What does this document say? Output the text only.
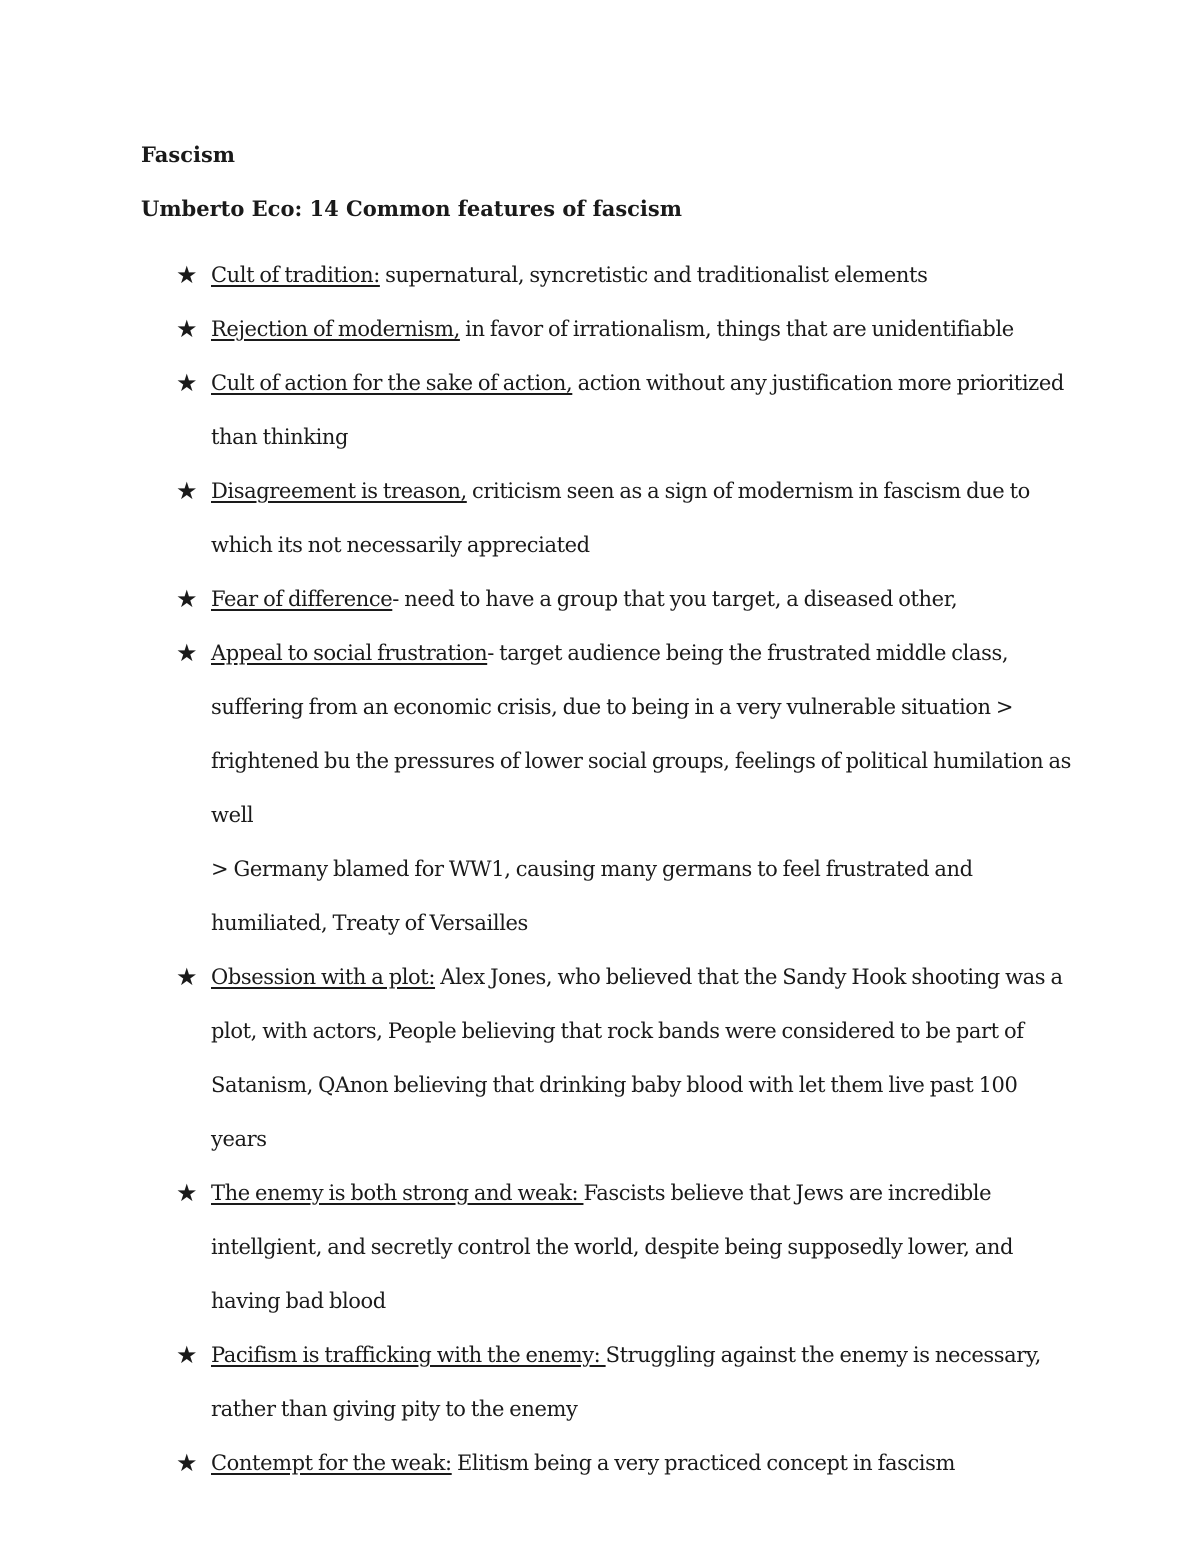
Fascism
Umberto Eco: 14 Common features of fascism
★ Cult of tradition: supernatural, syncretistic and traditionalist elements
★ Rejection of modernism, in favor of irrationalism, things that are unidentifiable
★ Cult of action for the sake of action, action without any justification more prioritized than thinking
★ Disagreement is treason, criticism seen as a sign of modernism in fascism due to which its not necessarily appreciated
★ Fear of difference- need to have a group that you target, a diseased other,
★ Appeal to social frustration- target audience being the frustrated middle class, suffering from an economic crisis, due to being in a very vulnerable situation > frightened bu the pressures of lower social groups, feelings of political humilation as well
> Germany blamed for WW1, causing many germans to feel frustrated and humiliated, Treaty of Versailles
★ Obsession with a plot: Alex Jones, who believed that the Sandy Hook shooting was a plot, with actors, People believing that rock bands were considered to be part of Satanism, QAnon believing that drinking baby blood with let them live past 100 years
★ The enemy is both strong and weak: Fascists believe that Jews are incredible intellgient, and secretly control the world, despite being supposedly lower, and having bad blood
★ Pacifism is trafficking with the enemy: Struggling against the enemy is necessary, rather than giving pity to the enemy
★ Contempt for the weak: Elitism being a very practiced concept in fascism
